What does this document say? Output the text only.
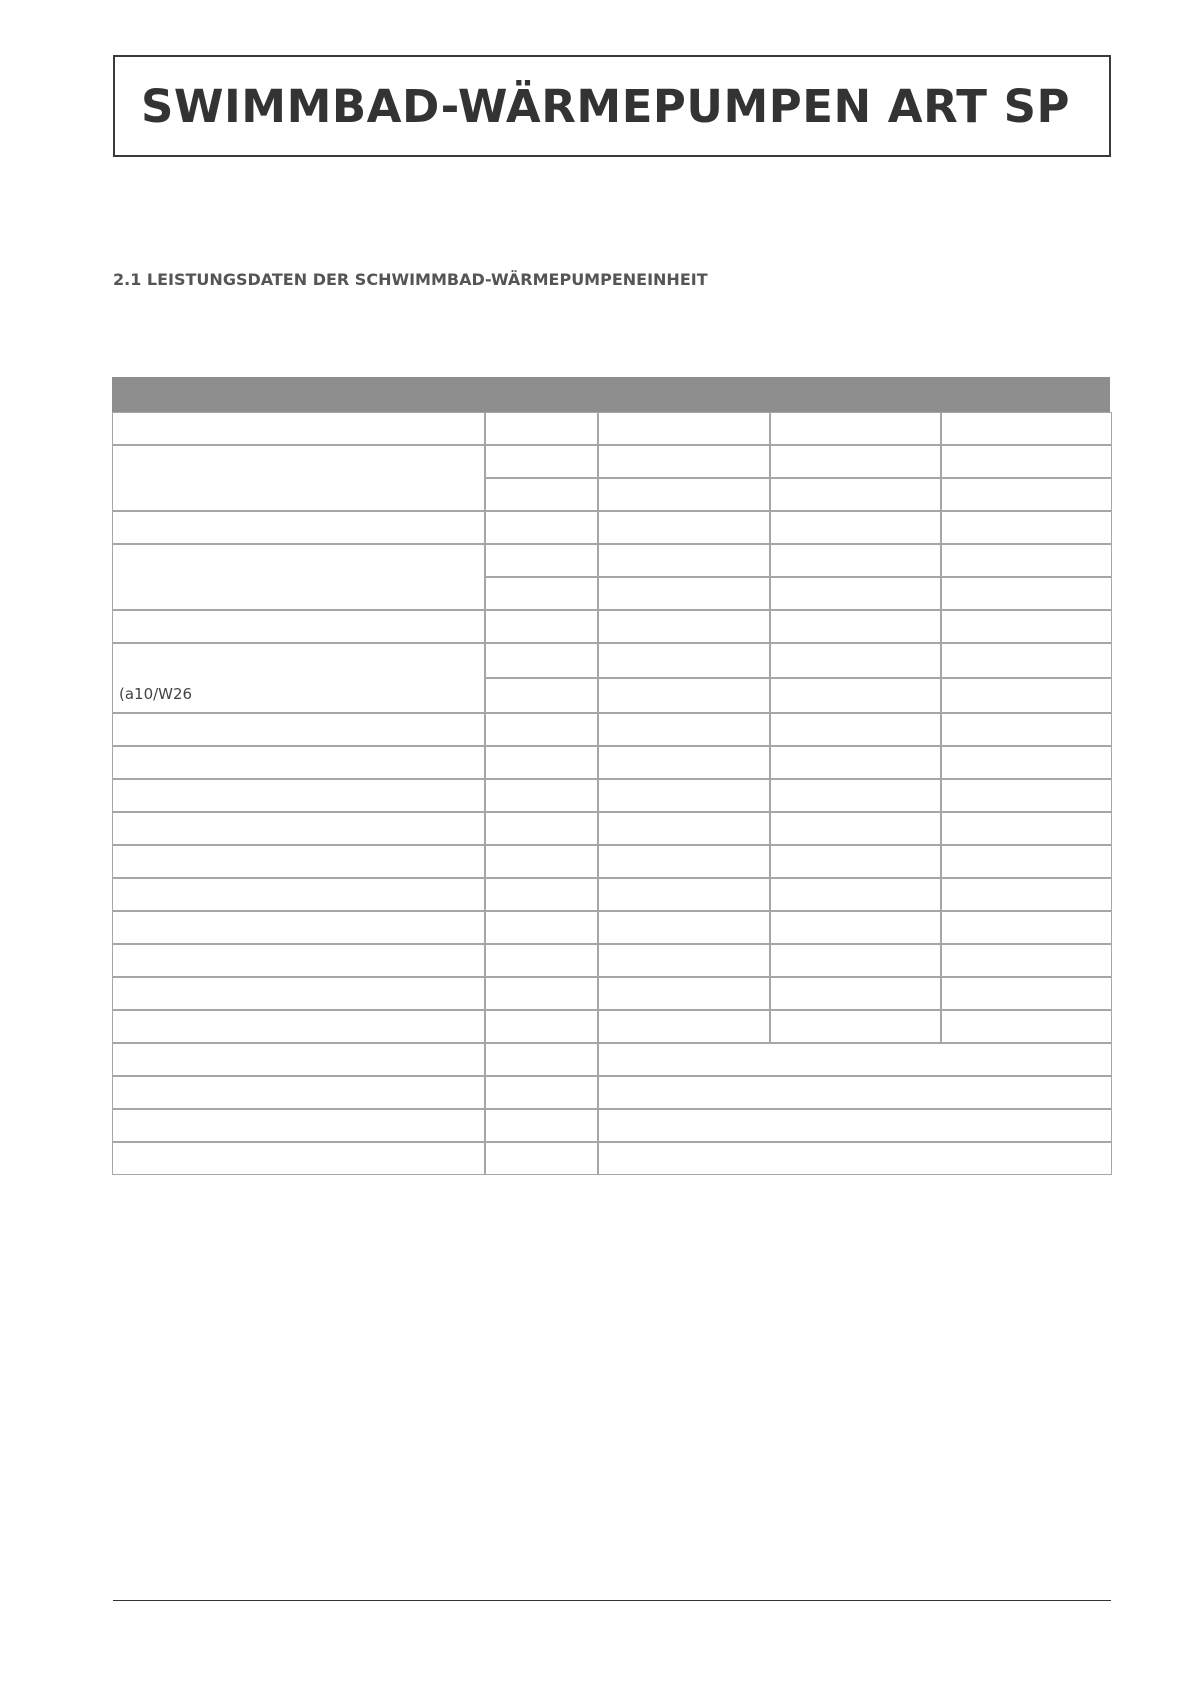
SWIMMBAD-WÄRMEPUMPEN ART SP
2.1 LEISTUNGSDATEN DER SCHWIMMBAD-WÄRMEPUMPENEINHEIT
(a10/W26
